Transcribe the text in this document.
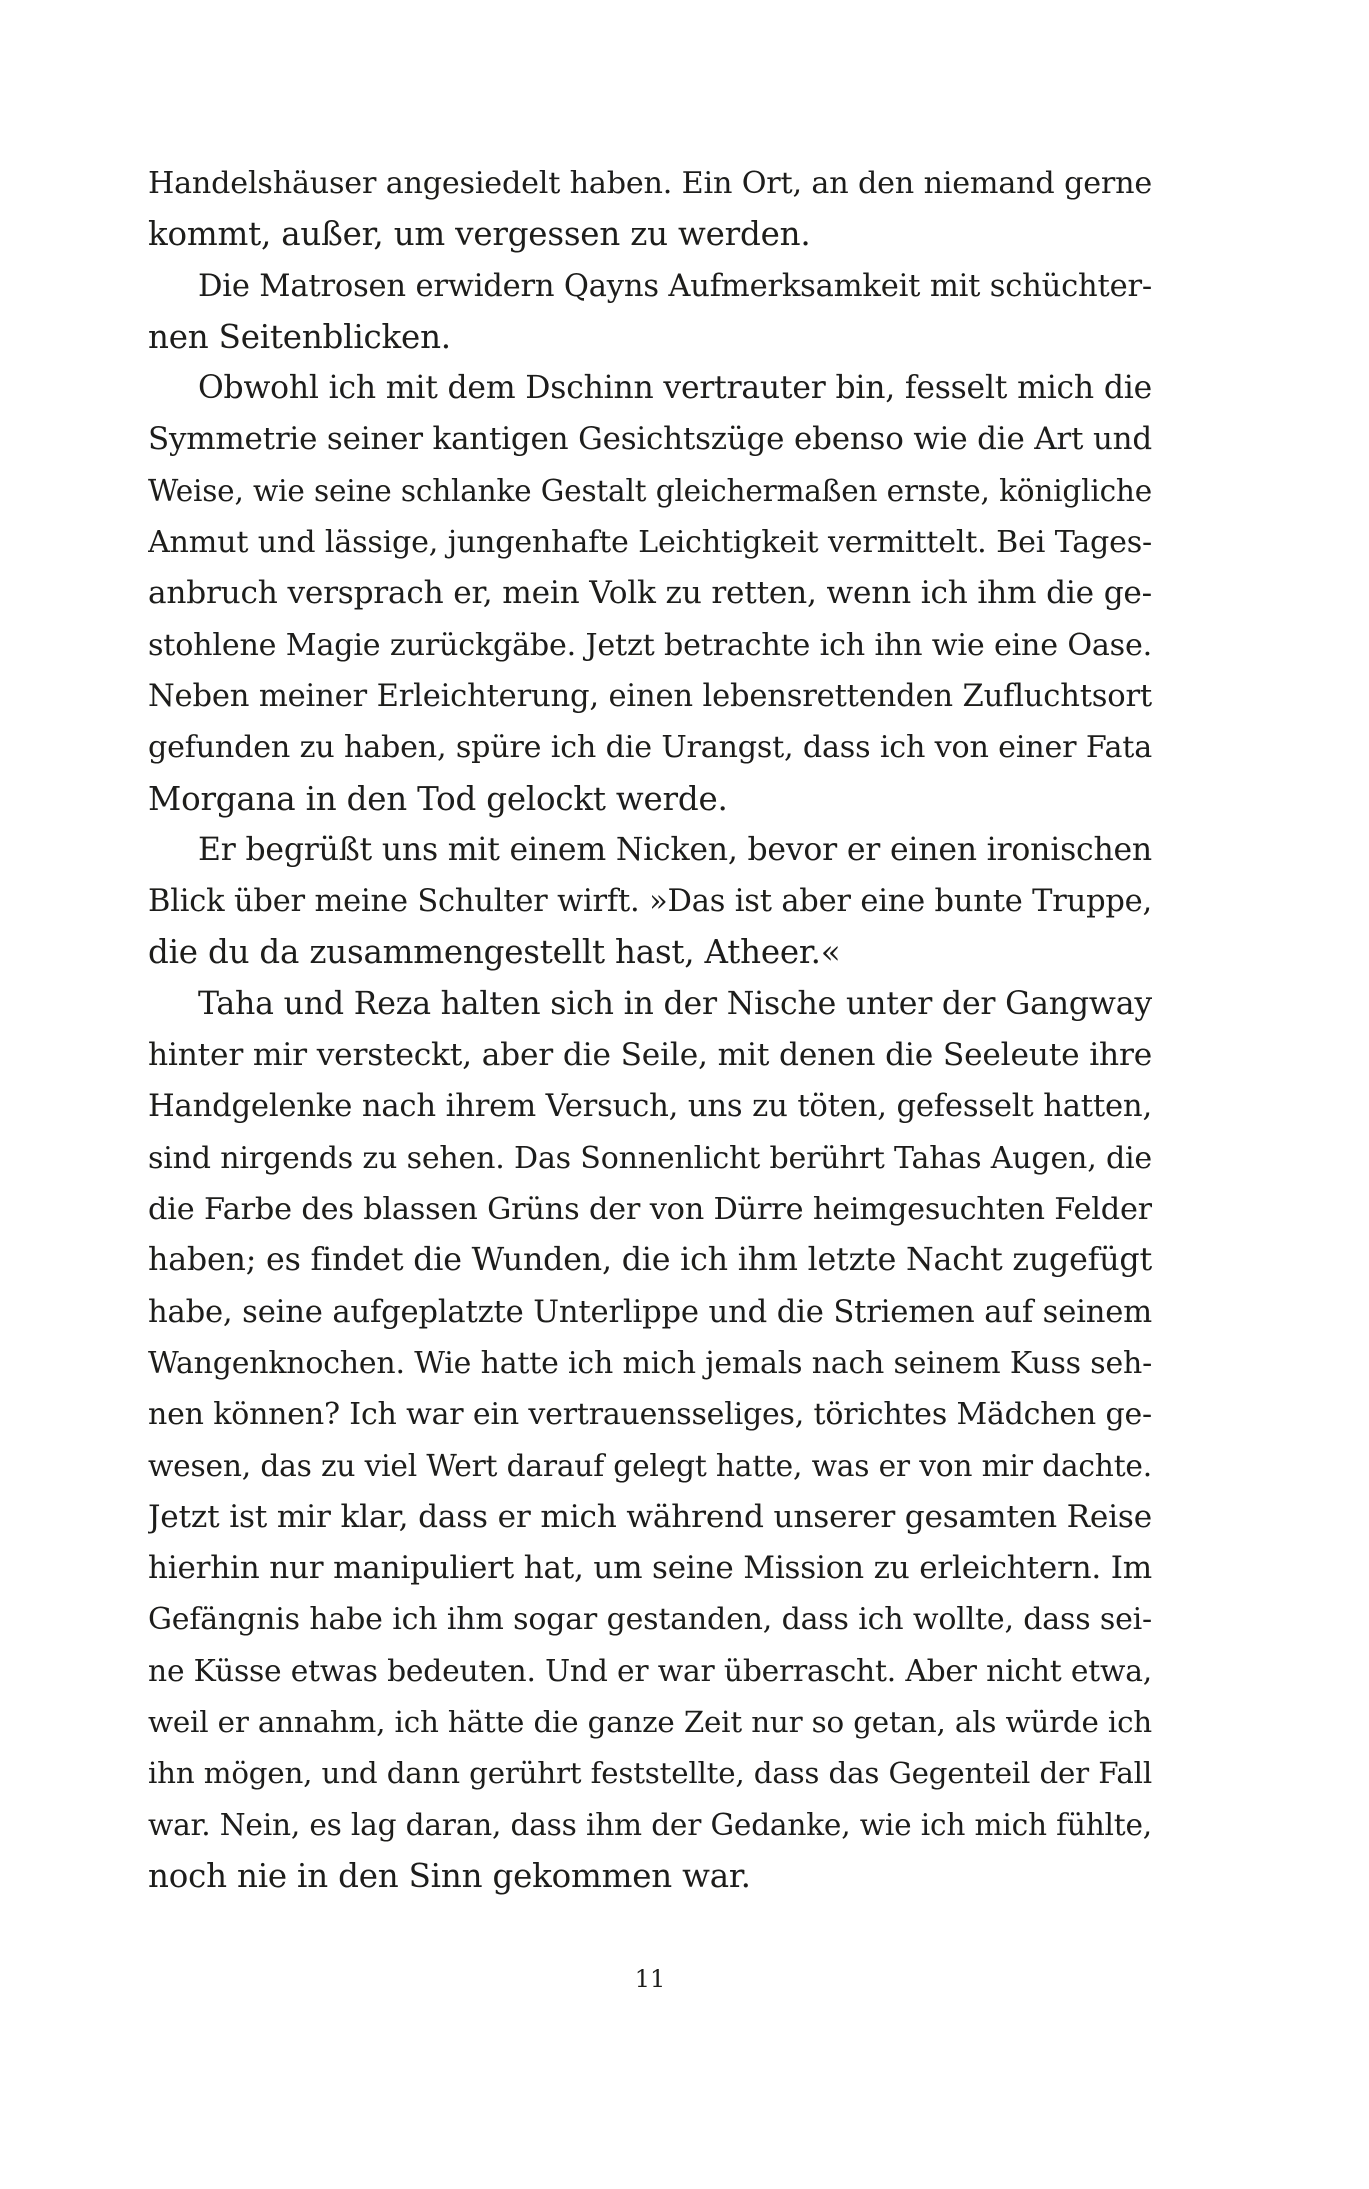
Handelshäuser angesiedelt haben. Ein Ort, an den niemand gerne
kommt, außer, um vergessen zu werden.
Die Matrosen erwidern Qayns Aufmerksamkeit mit schüchter-
nen Seitenblicken.
Obwohl ich mit dem Dschinn vertrauter bin, fesselt mich die
Symmetrie seiner kantigen Gesichtszüge ebenso wie die Art und
Weise, wie seine schlanke Gestalt gleichermaßen ernste, königliche
Anmut und lässige, jungenhafte Leichtigkeit vermittelt. Bei Tages-
anbruch versprach er, mein Volk zu retten, wenn ich ihm die ge-
stohlene Magie zurückgäbe. Jetzt betrachte ich ihn wie eine Oase.
Neben meiner Erleichterung, einen lebensrettenden Zufluchtsort
gefunden zu haben, spüre ich die Urangst, dass ich von einer Fata
Morgana in den Tod gelockt werde.
Er begrüßt uns mit einem Nicken, bevor er einen ironischen
Blick über meine Schulter wirft. »Das ist aber eine bunte Truppe,
die du da zusammengestellt hast, Atheer.«
Taha und Reza halten sich in der Nische unter der Gangway
hinter mir versteckt, aber die Seile, mit denen die Seeleute ihre
Handgelenke nach ihrem Versuch, uns zu töten, gefesselt hatten,
sind nirgends zu sehen. Das Sonnenlicht berührt Tahas Augen, die
die Farbe des blassen Grüns der von Dürre heimgesuchten Felder
haben; es findet die Wunden, die ich ihm letzte Nacht zugefügt
habe, seine aufgeplatzte Unterlippe und die Striemen auf seinem
Wangenknochen. Wie hatte ich mich jemals nach seinem Kuss seh-
nen können? Ich war ein vertrauensseliges, törichtes Mädchen ge-
wesen, das zu viel Wert darauf gelegt hatte, was er von mir dachte.
Jetzt ist mir klar, dass er mich während unserer gesamten Reise
hierhin nur manipuliert hat, um seine Mission zu erleichtern. Im
Gefängnis habe ich ihm sogar gestanden, dass ich wollte, dass sei-
ne Küsse etwas bedeuten. Und er war überrascht. Aber nicht etwa,
weil er annahm, ich hätte die ganze Zeit nur so getan, als würde ich
ihn mögen, und dann gerührt feststellte, dass das Gegenteil der Fall
war. Nein, es lag daran, dass ihm der Gedanke, wie ich mich fühlte,
noch nie in den Sinn gekommen war.
11
